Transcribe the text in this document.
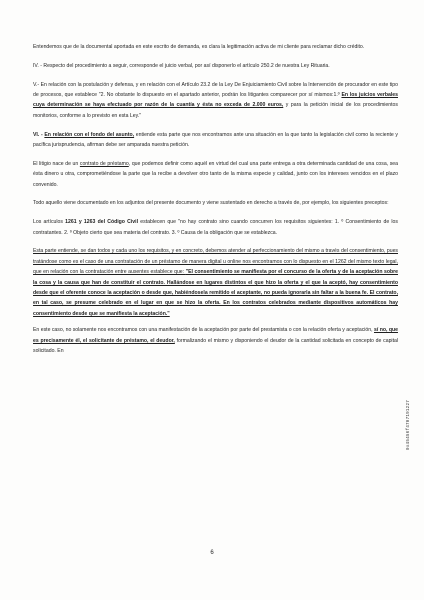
Entendemos que de la documental aportada en este escrito de demanda, es clara la legitimación activa de mi cliente para reclamar dicho crédito.

IV. - Respecto del procedimiento a seguir, corresponde el juicio verbal, por así disponerlo el artículo 250.2 de nuestra Ley Rituaria.

V.- En relación con la postulación y defensa, y en relación con el Artículo 23.2 de la Ley De Enjuiciamiento Civil sobre la Intervención de procurador en este tipo de procesos, que establece "2. No obstante lo dispuesto en el apartado anterior, podrán los litigantes comparecer por sí mismos:1.º En los juicios verbales cuya determinación se haya efectuado por razón de la cuantía y ésta no exceda de 2.000 euros, y para la petición inicial de los procedimientos monitorios, conforme a lo previsto en esta Ley."

VI. - En relación con el fondo del asunto, entiende esta parte que nos encontramos ante una situación en la que tanto la legislación civil como la reciente y pacífica jurisprudencia, afirman debe ser amparada nuestra petición.

El litigio nace de un contrato de préstamo, que podemos definir como aquél en virtud del cual una parte entrega a otra determinada cantidad de una cosa, sea ésta dinero u otra, comprometiéndose la parte que la recibe a devolver otro tanto de la misma especie y calidad, junto con los intereses vencidos en el plazo convenido.

Todo aquello viene documentado en los adjuntos del presente documento y viene sustentado en derecho a través de, por ejemplo, los siguientes preceptos:

Los artículos 1261 y 1263 del Código Civil establecen que "no hay contrato sino cuando concurren los requisitos siguientes: 1. º Consentimiento de los contratantes. 2. º Objeto cierto que sea materia del contrato. 3. º Causa de la obligación que se establezca.

Esta parte entiende, se dan todos y cada uno los requisitos, y en concreto, debemos atender al perfeccionamiento del mismo a través del consentimiento, pues tratándose como es el caso de una contratación de un préstamo de manera digital u online nos encontramos con lo dispuesto en el 1262 del mismo texto legal, que en relación con la contratación entre ausentes establece que: "El consentimiento se manifiesta por el concurso de la oferta y de la aceptación sobre la cosa y la causa que han de constituir el contrato. Hallándose en lugares distintos el que hizo la oferta y el que la aceptó, hay consentimiento desde que el oferente conoce la aceptación o desde que, habiéndosela remitido el aceptante, no pueda ignorarla sin faltar a la buena fe. El contrato, en tal caso, se presume celebrado en el lugar en que se hizo la oferta. En los contratos celebrados mediante dispositivos automáticos hay consentimiento desde que se manifiesta la aceptación."

En este caso, no solamente nos encontramos con una manifestación de la aceptación por parte del prestamista o con la relación oferta y aceptación, sí no, que es precisamente él, el solicitante de préstamo, el deudor, formalizando el mismo y disponiendo el deudor de la cantidad solicitada en concepto de capital solicitado. En

6
0x45456f4707191227
